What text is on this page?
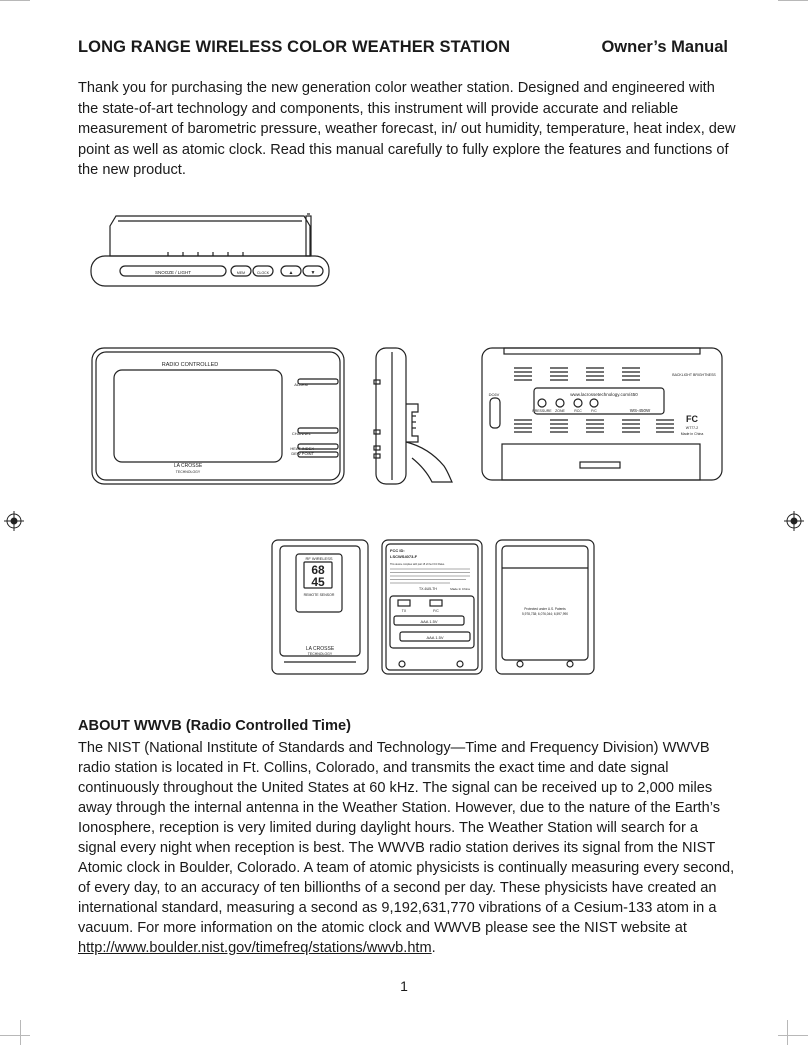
LONG RANGE WIRELESS COLOR WEATHER STATION	Owner’s Manual

Thank you for purchasing the new generation color weather station. Designed and engineered with the state-of-art technology and components, this instrument will provide accurate and reliable measurement of barometric pressure, weather forecast, in/ out humidity, temperature, heat index, dew point as well as atomic clock. Read this manual carefully to fully explore the features and functions of the new product.

SNOOZE / LIGHT	MEM	CLOCK	▲	▼
RADIO CONTROLLED
ALARM
CHANNEL
HEAT INDEX
DEW POINT
LA CROSSE
TECHNOLOGY
DC6V	www.lacrossetechnology.com/450
PRESSURE ZONE	RCC	F/C	WS-450W
BACKLIGHT BRIGHTNESS
FC
WT77-2
Made in China
RF WIRELESS
68
45
REMOTE SENSOR
LA CROSSE
TECHNOLOGY
FCC ID:
LSCWS4073-F
This device complies with part 15 of the FCC Rules.
TX-6U5-TH	Made In China
TX	F/C
AAA 1.5V
AAA 1.5V
Protected under U.S. Patents
5,978,738; 6,076,044; 6,597,990
ABOUT WWVB (Radio Controlled Time)

The NIST (National Institute of Standards and Technology—Time and Frequency Division) WWVB radio station is located in Ft. Collins, Colorado, and transmits the exact time and date signal continuously throughout the United States at 60 kHz. The signal can be received up to 2,000 miles away through the internal antenna in the Weather Station. However, due to the nature of the Earth’s Ionosphere, reception is very limited during daylight hours. The Weather Station will search for a signal every night when reception is best. The WWVB radio station derives its signal from the NIST Atomic clock in Boulder, Colorado. A team of atomic physicists is continually measuring every second, of every day, to an accuracy of ten billionths of a second per day. These physicists have created an international standard, measuring a second as 9,192,631,770 vibrations of a Cesium-133 atom in a vacuum. For more information on the atomic clock and WWVB please see the NIST website at http://www.boulder.nist.gov/timefreq/stations/wwvb.htm.

1
